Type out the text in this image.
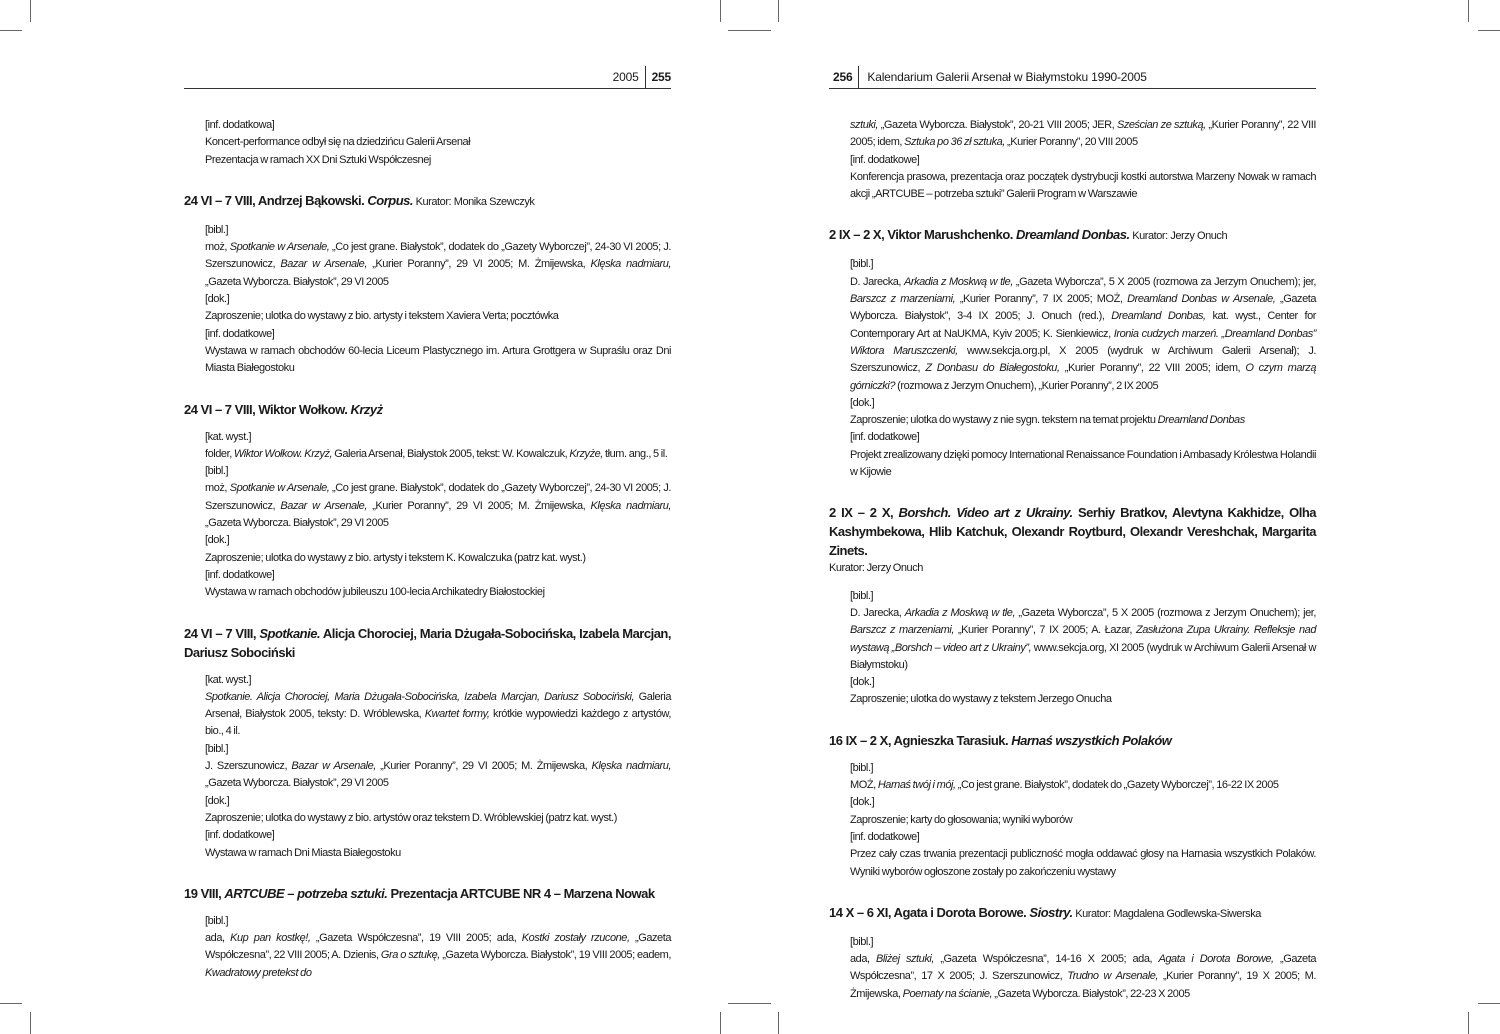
2005 255

[inf. dodatkowa]

Koncert-performance odbył się na dziedzińcu Galerii Arsenał

Prezentacja w ramach XX Dni Sztuki Współczesnej

24 VI – 7 VIII, Andrzej Bąkowski. Corpus. Kurator: Monika Szewczyk

[bibl.]

moż, Spotkanie w Arsenale, „Co jest grane. Białystok”, dodatek do „Gazety Wyborczej”, 24-30 VI 2005; J. Szerszunowicz, Bazar w Arsenale, „Kurier Poranny”, 29 VI 2005; M. Żmijewska, Klęska nadmiaru, „Gazeta Wyborcza. Białystok”, 29 VI 2005

[dok.]

Zaproszenie; ulotka do wystawy z bio. artysty i tekstem Xaviera Verta; pocztówka

[inf. dodatkowe]

Wystawa w ramach obchodów 60-lecia Liceum Plastycznego im. Artura Grottgera w Supraślu oraz Dni Miasta Białegostoku

24 VI – 7 VIII, Wiktor Wołkow. Krzyż

[kat. wyst.]

folder, Wiktor Wołkow. Krzyż, Galeria Arsenał, Białystok 2005, tekst: W. Kowalczuk, Krzyże, tłum. ang., 5 il.

[bibl.]

moż, Spotkanie w Arsenale, „Co jest grane. Białystok”, dodatek do „Gazety Wyborczej”, 24-30 VI 2005; J. Szerszunowicz, Bazar w Arsenale, „Kurier Poranny”, 29 VI 2005; M. Żmijewska, Klęska nadmiaru, „Gazeta Wyborcza. Białystok”, 29 VI 2005

[dok.]

Zaproszenie; ulotka do wystawy z bio. artysty i tekstem K. Kowalczuka (patrz kat. wyst.)

[inf. dodatkowe]

Wystawa w ramach obchodów jubileuszu 100-lecia Archikatedry Białostockiej

24 VI – 7 VIII, Spotkanie. Alicja Chorociej, Maria Dżugała-Sobocińska, Izabela Marcjan, Dariusz Sobociński

[kat. wyst.]

Spotkanie. Alicja Chorociej, Maria Dżugała-Sobocińska, Izabela Marcjan, Dariusz Sobociński, Galeria Arsenał, Białystok 2005, teksty: D. Wróblewska, Kwartet formy, krótkie wypowiedzi każdego z artystów, bio., 4 il.

[bibl.]

J. Szerszunowicz, Bazar w Arsenale, „Kurier Poranny”, 29 VI 2005; M. Żmijewska, Klęska nadmiaru, „Gazeta Wyborcza. Białystok”, 29 VI 2005

[dok.]

Zaproszenie; ulotka do wystawy z bio. artystów oraz tekstem D. Wróblewskiej (patrz kat. wyst.)

[inf. dodatkowe]

Wystawa w ramach Dni Miasta Białegostoku

19 VIII, ARTCUBE – potrzeba sztuki. Prezentacja ARTCUBE NR 4 – Marzena Nowak

[bibl.]

ada, Kup pan kostkę!, „Gazeta Współczesna”, 19 VIII 2005; ada, Kostki zostały rzucone, „Gazeta Współczesna”, 22 VIII 2005; A. Dzienis, Gra o sztukę, „Gazeta Wyborcza. Białystok”, 19 VIII 2005; eadem, Kwadratowy pretekst do

256 Kalendarium Galerii Arsenał w Białymstoku 1990-2005

sztuki, „Gazeta Wyborcza. Białystok”, 20-21 VIII 2005; JER, Sześcian ze sztuką, „Kurier Poranny”, 22 VIII 2005; idem, Sztuka po 36 zł sztuka, „Kurier Poranny”, 20 VIII 2005

[inf. dodatkowe]

Konferencja prasowa, prezentacja oraz początek dystrybucji kostki autorstwa Marzeny Nowak w ramach akcji „ARTCUBE – potrzeba sztuki” Galerii Program w Warszawie

2 IX – 2 X, Viktor Marushchenko. Dreamland Donbas. Kurator: Jerzy Onuch

[bibl.]

D. Jarecka, Arkadia z Moskwą w tle, „Gazeta Wyborcza”, 5 X 2005 (rozmowa za Jerzym Onuchem); jer, Barszcz z marzeniami, „Kurier Poranny”, 7 IX 2005; MOŻ, Dreamland Donbas w Arsenale, „Gazeta Wyborcza. Białystok”, 3-4 IX 2005; J. Onuch (red.), Dreamland Donbas, kat. wyst., Center for Contemporary Art at NaUKMA, Kyiv 2005; K. Sienkiewicz, Ironia cudzych marzeń. „Dreamland Donbas” Wiktora Maruszczenki, www.sekcja.org.pl, X 2005 (wydruk w Archiwum Galerii Arsenał); J. Szerszunowicz, Z Donbasu do Białegostoku, „Kurier Poranny”, 22 VIII 2005; idem, O czym marzą górniczki? (rozmowa z Jerzym Onuchem), „Kurier Poranny”, 2 IX 2005

[dok.]

Zaproszenie; ulotka do wystawy z nie sygn. tekstem na temat projektu Dreamland Donbas

[inf. dodatkowe]

Projekt zrealizowany dzięki pomocy International Renaissance Foundation i Ambasady Królestwa Holandii w Kijowie

2 IX – 2 X, Borshch. Video art z Ukrainy. Serhiy Bratkov, Alevtyna Kakhidze, Olha Kashymbekowa, Hlib Katchuk, Olexandr Roytburd, Olexandr Vereshchak, Margarita Zinets.

Kurator: Jerzy Onuch

[bibl.]

D. Jarecka, Arkadia z Moskwą w tle, „Gazeta Wyborcza”, 5 X 2005 (rozmowa z Jerzym Onuchem); jer, Barszcz z marzeniami, „Kurier Poranny”, 7 IX 2005; A. Łazar, Zasłużona Zupa Ukrainy. Refleksje nad wystawą „Borshch – video art z Ukrainy”, www.sekcja.org, XI 2005 (wydruk w Archiwum Galerii Arsenał w Białymstoku)

[dok.]

Zaproszenie; ulotka do wystawy z tekstem Jerzego Onucha

16 IX – 2 X, Agnieszka Tarasiuk. Harnaś wszystkich Polaków

[bibl.]

MOŻ, Harnaś twój i mój, „Co jest grane. Białystok”, dodatek do „Gazety Wyborczej”, 16-22 IX 2005

[dok.]

Zaproszenie; karty do głosowania; wyniki wyborów

[inf. dodatkowe]

Przez cały czas trwania prezentacji publiczność mogła oddawać głosy na Harnasia wszystkich Polaków. Wyniki wyborów ogłoszone zostały po zakończeniu wystawy

14 X – 6 XI, Agata i Dorota Borowe. Siostry. Kurator: Magdalena Godlewska-Siwerska

[bibl.]

ada, Bliżej sztuki, „Gazeta Współczesna”, 14-16 X 2005; ada, Agata i Dorota Borowe, „Gazeta Współczesna”, 17 X 2005; J. Szerszunowicz, Trudno w Arsenale, „Kurier Poranny”, 19 X 2005; M. Żmijewska, Poematy na ścianie, „Gazeta Wyborcza. Białystok”, 22-23 X 2005
